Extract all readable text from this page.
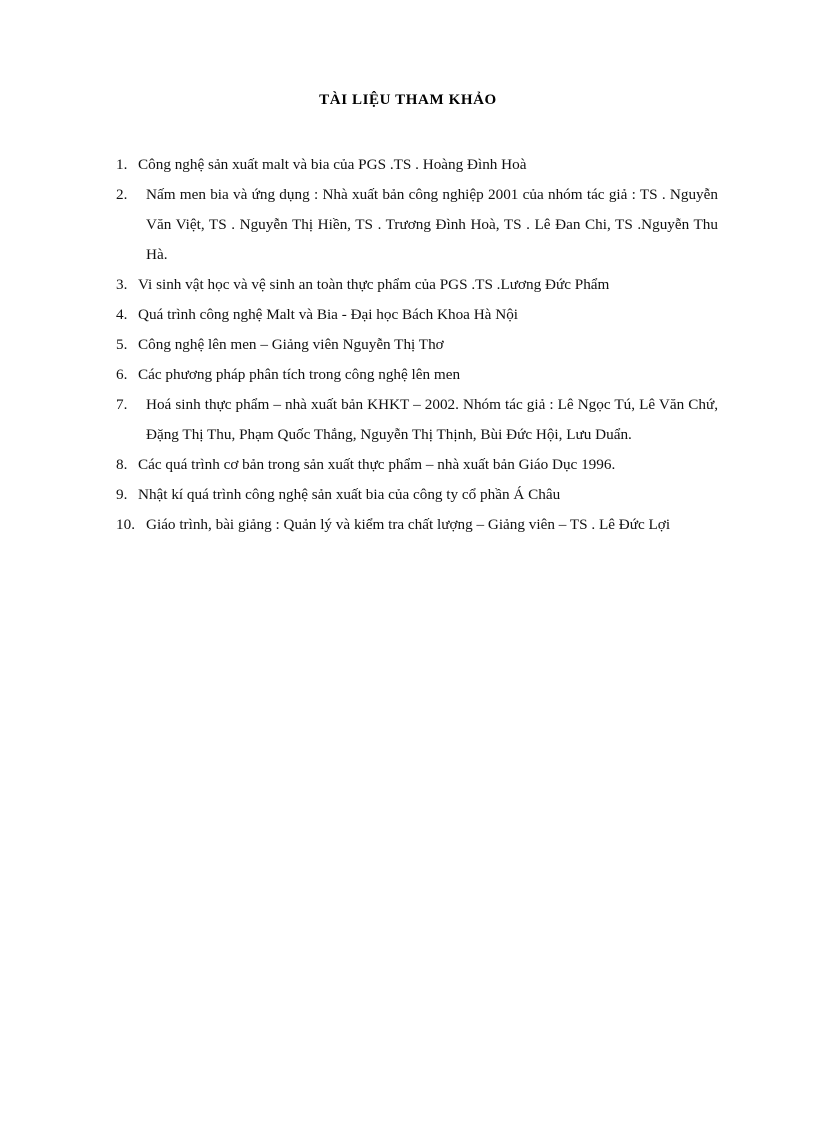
TÀI LIỆU THAM KHẢO
1. Công nghệ sản xuất malt và bia của PGS .TS . Hoàng Đình Hoà
2. Nấm men bia và ứng dụng : Nhà xuất bản công nghiệp 2001 của nhóm tác giả : TS . Nguyễn Văn Việt, TS . Nguyễn Thị Hiền, TS . Trương Đình Hoà, TS . Lê Đan Chi, TS .Nguyễn Thu Hà.
3. Vi sinh vật học và vệ sinh an toàn thực phẩm của PGS .TS .Lương Đức Phẩm
4. Quá trình công nghệ Malt và Bia - Đại học Bách Khoa Hà Nội
5. Công nghệ lên men – Giảng viên Nguyễn Thị Thơ
6. Các phương pháp phân tích trong công nghệ lên men
7. Hoá sinh thực phẩm – nhà xuất bản KHKT – 2002. Nhóm tác giả : Lê Ngọc Tú, Lê Văn Chứ, Đặng Thị Thu, Phạm Quốc Thắng, Nguyễn Thị Thịnh, Bùi Đức Hội, Lưu Duẩn.
8. Các quá trình cơ bản trong sản xuất thực phẩm – nhà xuất bản Giáo Dục 1996.
9. Nhật kí quá trình công nghệ sản xuất bia của công ty cổ phần Á Châu
10. Giáo trình, bài giảng : Quản lý và kiểm tra chất lượng – Giảng viên – TS . Lê Đức Lợi
